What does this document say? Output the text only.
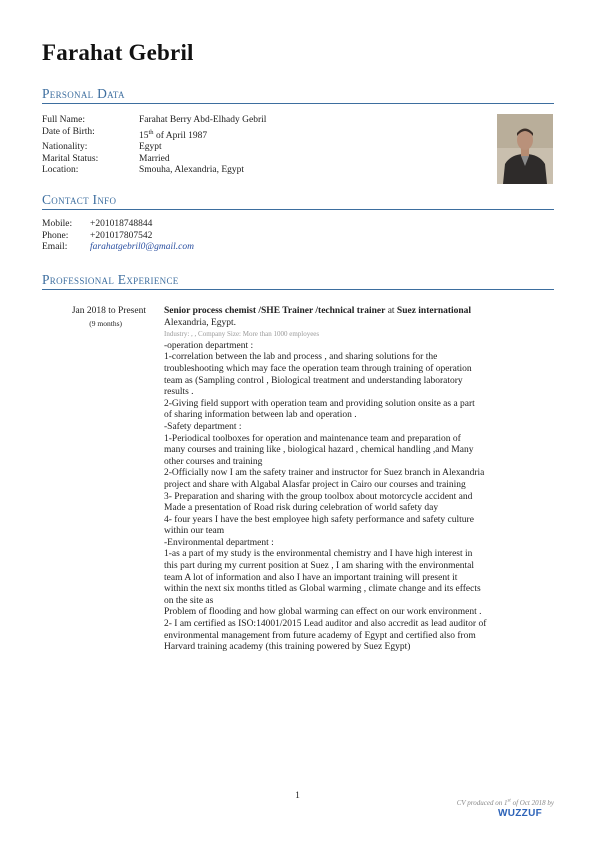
Farahat Gebril
Personal Data
Full Name:	Farahat Berry Abd-Elhady Gebril
Date of Birth:	15th of April 1987
Nationality:	Egypt
Marital Status:	Married
Location:	Smouha, Alexandria, Egypt
Contact Info
Mobile:	+201018748844
Phone:	+201017807542
Email:	farahatgebril0@gmail.com
Professional Experience
Jan 2018 to Present
(9 months)

Senior process chemist /SHE Trainer /technical trainer at Suez international

Alexandria, Egypt.

Industry: , , Company Size: More than 1000 employees

-operation department :

1-correlation between the lab and process , and sharing solutions for the

troubleshooting which may face the operation team through training of operation

team as (Sampling control , Biological treatment and understanding laboratory

results .

2-Giving field support with operation team and providing solution onsite as a part

of sharing information between lab and operation .

-Safety department :

1-Periodical toolboxes for operation and maintenance team and preparation of

many courses and training like , biological hazard , chemical handling ,and Many

other courses and training

2-Officially now I am the safety trainer and instructor for Suez branch in Alexandria

project and share with Algabal Alasfar project in Cairo our courses and training

3- Preparation and sharing with the group toolbox about motorcycle accident and

Made a presentation of Road risk during celebration of world safety day

4- four years I have the best employee high safety performance and safety culture

within our team

-Environmental department :

1-as a part of my study is the environmental chemistry and I have high interest in

this part during my current position at Suez , I am sharing with the environmental

team A lot of information and also I have an important training will present it

within the next six months titled as Global warming , climate change and its effects

on the site as

Problem of flooding and how global warming can effect on our work environment .

2- I am certified as ISO:14001/2015 Lead auditor and also accredit as lead auditor of

environmental management from future academy of Egypt and certified also from

Harvard training academy (this training powered by Suez Egypt)

1
CV produced on 1st of Oct 2018 by
WUZZUF
